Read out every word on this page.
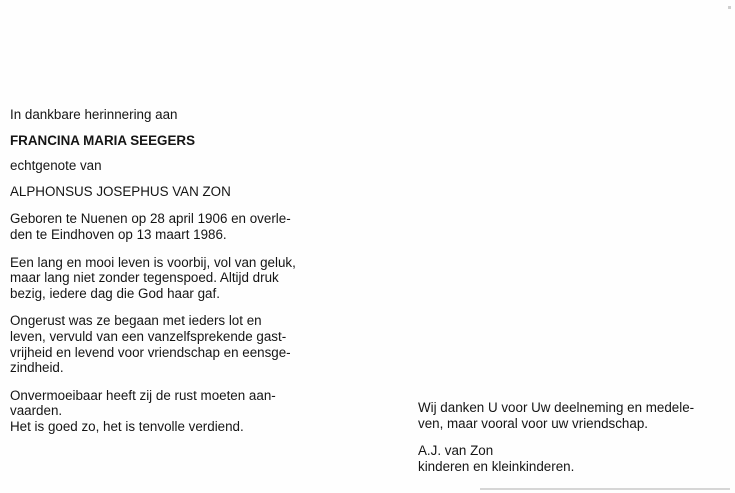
In dankbare herinnering aan
FRANCINA MARIA SEEGERS
echtgenote van
ALPHONSUS JOSEPHUS VAN ZON
Geboren te Nuenen op 28 april 1906 en overle-
den te Eindhoven op 13 maart 1986.
Een lang en mooi leven is voorbij, vol van geluk,
maar lang niet zonder tegenspoed. Altijd druk
bezig, iedere dag die God haar gaf.
Ongerust was ze begaan met ieders lot en
leven, vervuld van een vanzelfsprekende gast-
vrijheid en levend voor vriendschap en eensge-
zindheid.
Onvermoeibaar heeft zij de rust moeten aan-
vaarden.
Het is goed zo, het is tenvolle verdiend.
Wij danken U voor Uw deelneming en medele-
ven, maar vooral voor uw vriendschap.
A.J. van Zon
kinderen en kleinkinderen.
